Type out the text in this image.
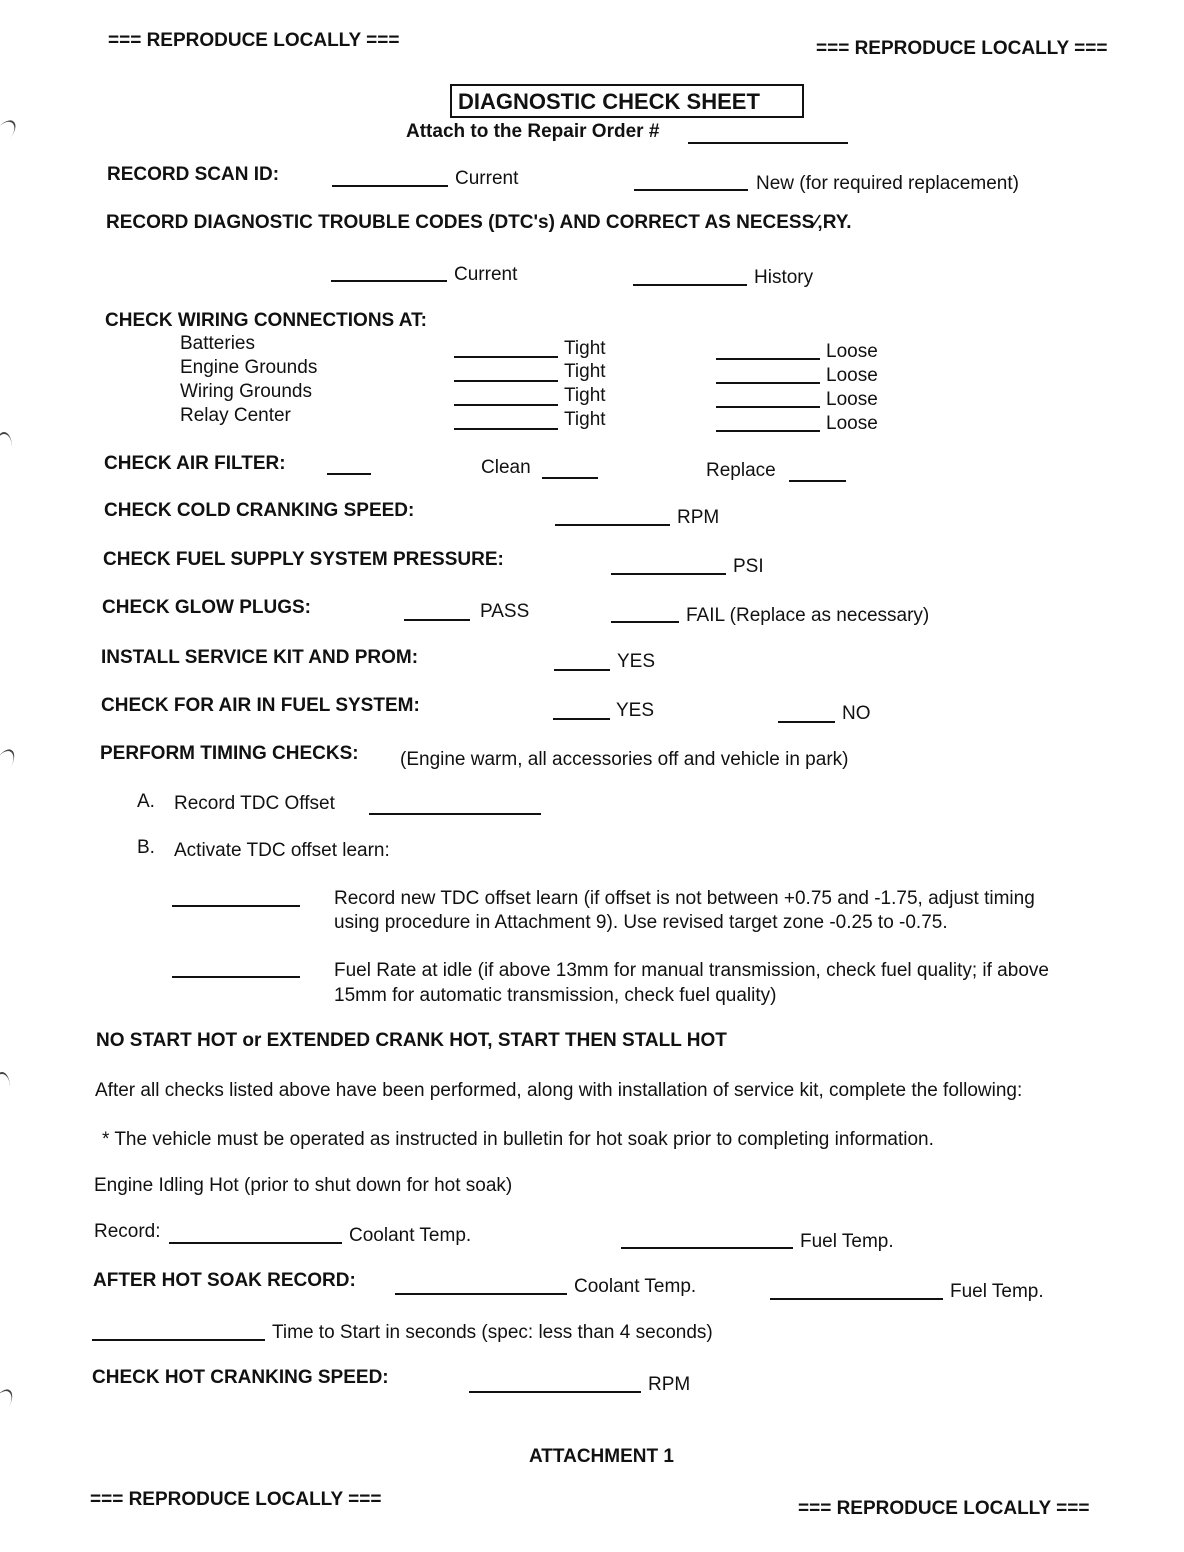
=== REPRODUCE LOCALLY ===	=== REPRODUCE LOCALLY ===
DIAGNOSTIC CHECK SHEET
Attach to the Repair Order #
RECORD SCAN ID:	Current	New (for required replacement)
RECORD DIAGNOSTIC TROUBLE CODES (DTC's) AND CORRECT AS NECESS∕‚RY.
Current	History
CHECK WIRING CONNECTIONS AT:
Batteries	Tight	Loose
Engine Grounds	Tight	Loose
Wiring Grounds	Tight	Loose
Relay Center	Tight	Loose
CHECK AIR FILTER:	Clean	Replace
CHECK COLD CRANKING SPEED:	RPM
CHECK FUEL SUPPLY SYSTEM PRESSURE:	PSI
CHECK GLOW PLUGS:	PASS	FAIL (Replace as necessary)
INSTALL SERVICE KIT AND PROM:	YES
CHECK FOR AIR IN FUEL SYSTEM:	YES	NO
PERFORM TIMING CHECKS: (Engine warm, all accessories off and vehicle in park)
A. Record TDC Offset
B. Activate TDC offset learn:
Record new TDC offset learn (if offset is not between +0.75 and -1.75, adjust timing
using procedure in Attachment 9). Use revised target zone -0.25 to -0.75.
Fuel Rate at idle (if above 13mm for manual transmission, check fuel quality; if above
15mm for automatic transmission, check fuel quality)
NO START HOT or EXTENDED CRANK HOT, START THEN STALL HOT
After all checks listed above have been performed, along with installation of service kit, complete the following:
* The vehicle must be operated as instructed in bulletin for hot soak prior to completing information.
Engine Idling Hot (prior to shut down for hot soak)
Record:	Coolant Temp.	Fuel Temp.
AFTER HOT SOAK RECORD:	Coolant Temp.	Fuel Temp.
Time to Start in seconds (spec: less than 4 seconds)
CHECK HOT CRANKING SPEED:	RPM
ATTACHMENT 1
=== REPRODUCE LOCALLY ===	=== REPRODUCE LOCALLY ===
